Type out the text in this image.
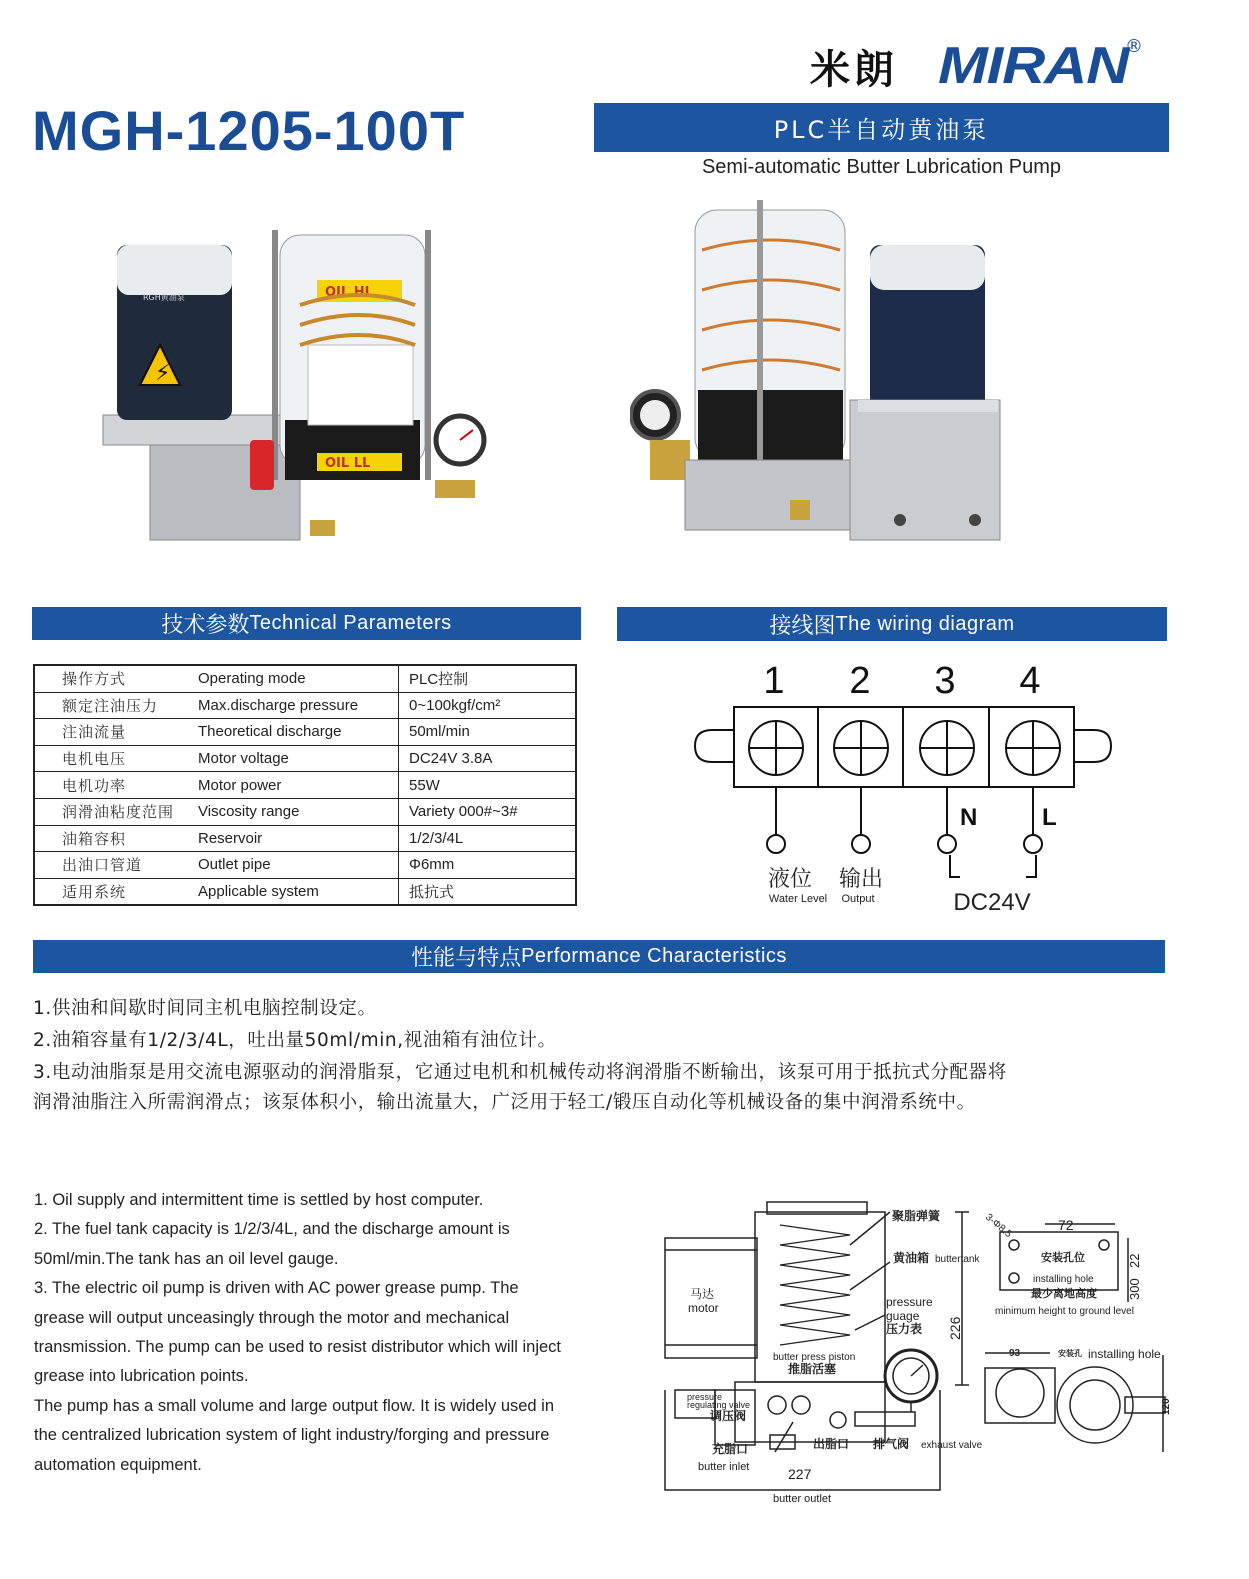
MGH-1205-100T
米朗 MIRAN
®
PLC半自动黄油泵
Semi-automatic Butter Lubrication Pump
RGH黄油泵
⚡
OIL HL
OIL LL
技术参数 Technical Parameters
操作方式	Operating mode	PLC控制
额定注油压力	Max.discharge pressure	0~100kgf/cm²
注油流量	Theoretical discharge	50ml/min
电机电压	Motor voltage	DC24V 3.8A
电机功率	Motor power	55W
润滑油粘度范围	Viscosity range	Variety 000#~3#
油箱容积	Reservoir	1/2/3/4L
出油口管道	Outlet pipe	Φ6mm
适用系统	Applicable system	抵抗式
接线图 The wiring diagram
1 2 3 4
N	L
液位
Water Level
输出
Output	DC24V
性能与特点 Performance Characteristics
1.供油和间歇时间同主机电脑控制设定。
2.油箱容量有1/2/3/4L，吐出量50ml/min,视油箱有油位计。
3.电动油脂泵是用交流电源驱动的润滑脂泵，它通过电机和机械传动将润滑脂不断输出，该泵可用于抵抗式分配器将
润滑油脂注入所需润滑点；该泵体积小，输出流量大，广泛用于轻工/锻压自动化等机械设备的集中润滑系统中。
1. Oil supply and intermittent time is settled by host computer.
2. The fuel tank capacity is 1/2/3/4L, and the discharge amount is
50ml/min.The tank has an oil level gauge.
3. The electric oil pump is driven with AC power grease pump. The
grease will output unceasingly through the motor and mechanical
transmission. The pump can be used to resist distributor which will inject
grease into lubrication points.
The pump has a small volume and large output flow. It is widely used in
the centralized lubrication system of light industry/forging and pressure
automation equipment.
聚脂弹簧
黄油箱 buttertank
马达
motor	pressure
guage
压力表
butter press piston
推脂活塞
pressure
regulating valve
调压阀
充脂口
butter inlet
出脂口
butter outlet
排气阀 exhaust valve
227
226
3-Φ8.5	72
22
300
安装孔位
installing hole
最少离地高度
minimum height to ground level
93	安装孔 installing hole
120
